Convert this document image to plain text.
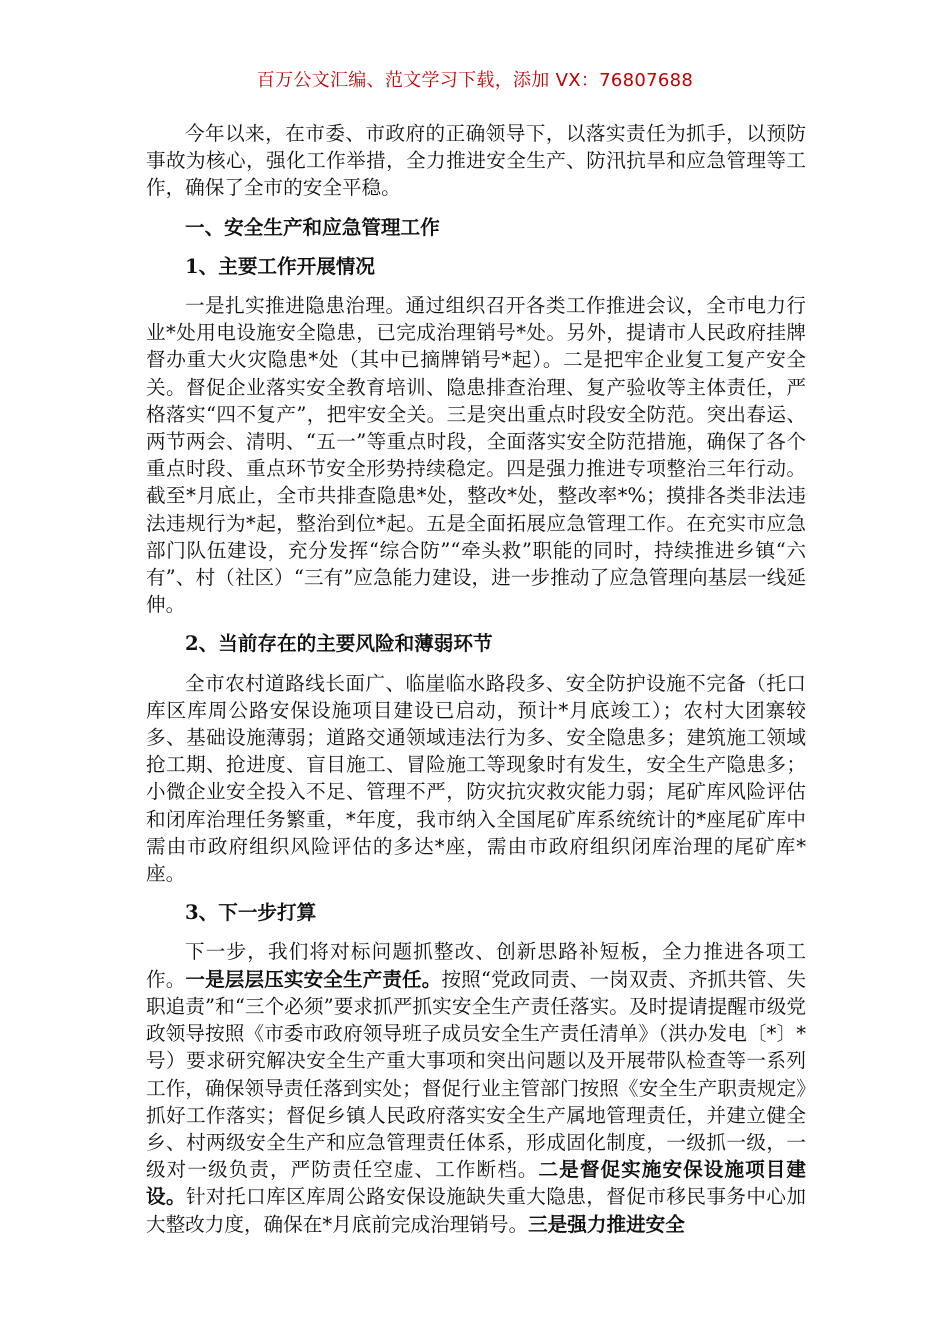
百万公文汇编、范文学习下载，添加 VX：76807688

今年以来，在市委、市政府的正确领导下，以落实责任为抓手，以预防事故为核心，强化工作举措，全力推进安全生产、防汛抗旱和应急管理等工作，确保了全市的安全平稳。

一、安全生产和应急管理工作

1、主要工作开展情况

一是扎实推进隐患治理。通过组织召开各类工作推进会议，全市电力行业*处用电设施安全隐患，已完成治理销号*处。另外，提请市人民政府挂牌督办重大火灾隐患*处（其中已摘牌销号*起）。二是把牢企业复工复产安全关。督促企业落实安全教育培训、隐患排查治理、复产验收等主体责任，严格落实“四不复产”，把牢安全关。三是突出重点时段安全防范。突出春运、两节两会、清明、“五一”等重点时段，全面落实安全防范措施，确保了各个重点时段、重点环节安全形势持续稳定。四是强力推进专项整治三年行动。截至*月底止，全市共排查隐患*处，整改*处，整改率*%；摸排各类非法违法违规行为*起，整治到位*起。五是全面拓展应急管理工作。在充实市应急部门队伍建设，充分发挥“综合防”“牵头救”职能的同时，持续推进乡镇“六有”、村（社区）“三有”应急能力建设，进一步推动了应急管理向基层一线延伸。

2、当前存在的主要风险和薄弱环节

全市农村道路线长面广、临崖临水路段多、安全防护设施不完备（托口库区库周公路安保设施项目建设已启动，预计*月底竣工）；农村大团寨较多、基础设施薄弱；道路交通领域违法行为多、安全隐患多；建筑施工领域抢工期、抢进度、盲目施工、冒险施工等现象时有发生，安全生产隐患多；小微企业安全投入不足、管理不严，防灾抗灾救灾能力弱；尾矿库风险评估和闭库治理任务繁重，*年度，我市纳入全国尾矿库系统统计的*座尾矿库中需由市政府组织风险评估的多达*座，需由市政府组织闭库治理的尾矿库*座。

3、下一步打算

下一步，我们将对标问题抓整改、创新思路补短板，全力推进各项工作。一是层层压实安全生产责任。按照“党政同责、一岗双责、齐抓共管、失职追责”和“三个必须”要求抓严抓实安全生产责任落实。及时提请提醒市级党政领导按照《市委市政府领导班子成员安全生产责任清单》（洪办发电〔*〕*号）要求研究解决安全生产重大事项和突出问题以及开展带队检查等一系列工作，确保领导责任落到实处；督促行业主管部门按照《安全生产职责规定》抓好工作落实；督促乡镇人民政府落实安全生产属地管理责任，并建立健全乡、村两级安全生产和应急管理责任体系，形成固化制度，一级抓一级，一级对一级负责，严防责任空虚、工作断档。二是督促实施安保设施项目建设。针对托口库区库周公路安保设施缺失重大隐患，督促市移民事务中心加大整改力度，确保在*月底前完成治理销号。三是强力推进安全
